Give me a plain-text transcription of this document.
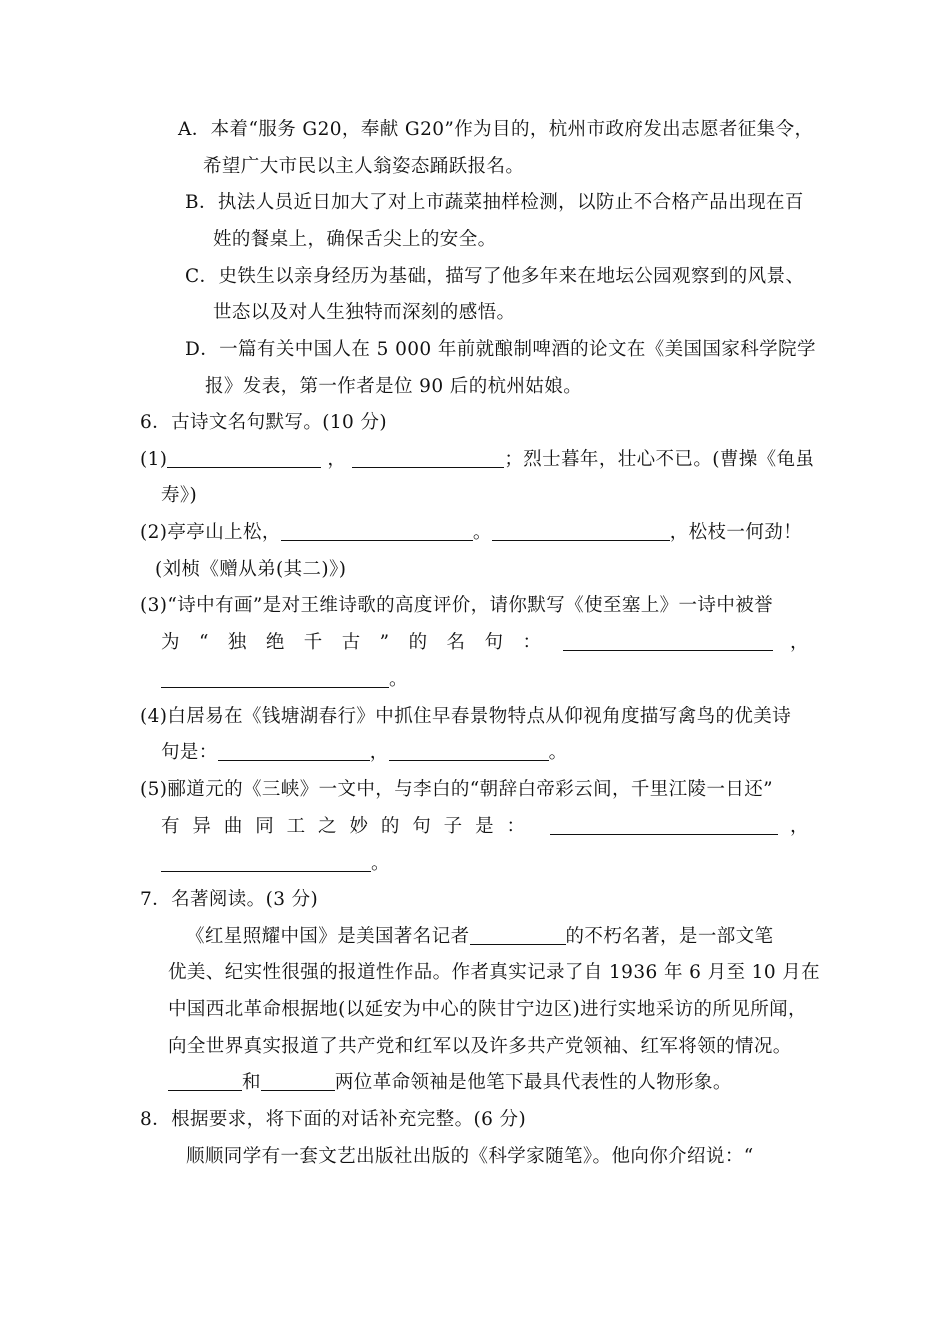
A．本着“服务 G20，奉献 G20”作为目的，杭州市政府发出志愿者征集令，
希望广大市民以主人翁姿态踊跃报名。
B．执法人员近日加大了对上市蔬菜抽样检测，以防止不合格产品出现在百
姓的餐桌上，确保舌尖上的安全。
C．史铁生以亲身经历为基础，描写了他多年来在地坛公园观察到的风景、
世态以及对人生独特而深刻的感悟。
D．一篇有关中国人在 5 000 年前就酿制啤酒的论文在《美国国家科学院学
报》发表，第一作者是位 90 后的杭州姑娘。
6．古诗文名句默写。(10 分)
(1)	，	；烈士暮年，壮心不已。(曹操《龟虽
寿》)
(2)亭亭山上松，	。	，松枝一何劲！
(刘桢《赠从弟(其二)》)
(3)“诗中有画”是对王维诗歌的高度评价，请你默写《使至塞上》一诗中被誉
为 “ 独 绝 千 古 ” 的 名 句 ：	，
。
(4)白居易在《钱塘湖春行》中抓住早春景物特点从仰视角度描写禽鸟的优美诗
句是：	，	。
(5)郦道元的《三峡》一文中，与李白的“朝辞白帝彩云间，千里江陵一日还”
有 异 曲 同 工 之 妙 的 句 子 是 ：	，
。
7．名著阅读。(3 分)
《红星照耀中国》是美国著名记者	的不朽名著，是一部文笔
优美、纪实性很强的报道性作品。作者真实记录了自 1936 年 6 月至 10 月在
中国西北革命根据地(以延安为中心的陕甘宁边区)进行实地采访的所见所闻，
向全世界真实报道了共产党和红军以及许多共产党领袖、红军将领的情况。
和	两位革命领袖是他笔下最具代表性的人物形象。
8．根据要求，将下面的对话补充完整。(6 分)
顺顺同学有一套文艺出版社出版的《科学家随笔》。他向你介绍说：“
